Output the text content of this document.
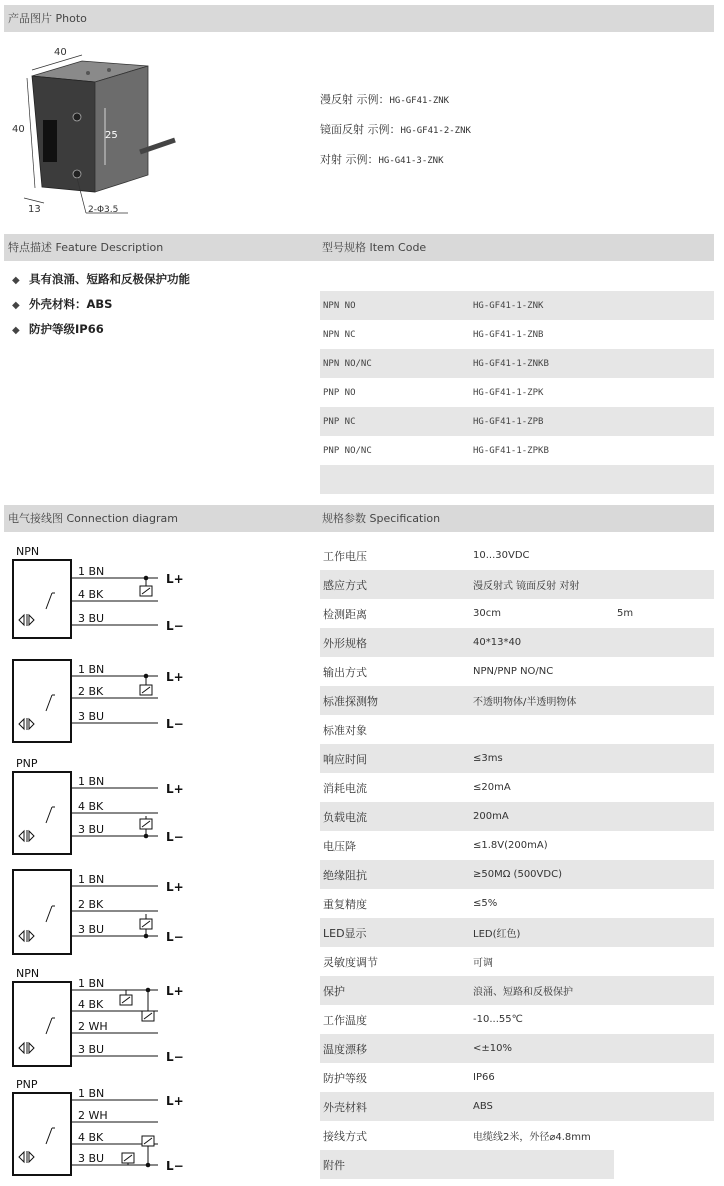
产品图片 Photo
特点描述 Feature Description	型号规格 Item Code
电气接线图 Connection diagram	规格参数 Specification
40
40
25
13	2-Φ3.5
漫反射 示例：HG-GF41-ZNK
镜面反射 示例：HG-GF41-2-ZNK
对射 示例：HG-G41-3-ZNK
◆ 具有浪涌、短路和反极保护功能
◆ 外壳材料：ABS
◆ 防护等级IP66
NPN NO	HG-GF41-1-ZNK
NPN NC	HG-GF41-1-ZNB
NPN NO/NC	HG-GF41-1-ZNKB
PNP NO	HG-GF41-1-ZPK
PNP NC	HG-GF41-1-ZPB
PNP NO/NC	HG-GF41-1-ZPKB

工作电压	10...30VDC	
感应方式	漫反射式 镜面反射 对射	
检测距离	30cm	5m
外形规格	40*13*40	
输出方式	NPN/PNP NO/NC	
标准探测物	不透明物体/半透明物体	
标准对象		
响应时间	≤3ms	
消耗电流	≤20mA	
负载电流	200mA	
电压降	≤1.8V(200mA)	
绝缘阻抗	≥50MΩ (500VDC)	
重复精度	≤5%	
LED显示	LED(红色)	
灵敏度调节	可调	
保护	浪涌、短路和反极保护	
工作温度	-10...55℃	
温度漂移	<±10%	
防护等级	IP66	
外壳材料	ABS	
接线方式	电缆线2米，外径⌀4.8mm	
附件		
NPN
1 BN
4 BK
3 BU
L+
L−
1 BN
2 BK
3 BU
L+
L−
PNP
1 BN
4 BK
3 BU
L+
L−
1 BN
2 BK
3 BU
L+
L−
NPN
1 BN
4 BK
2 WH
3 BU
L+
L−
PNP
1 BN
2 WH
4 BK
3 BU
L+
L−
